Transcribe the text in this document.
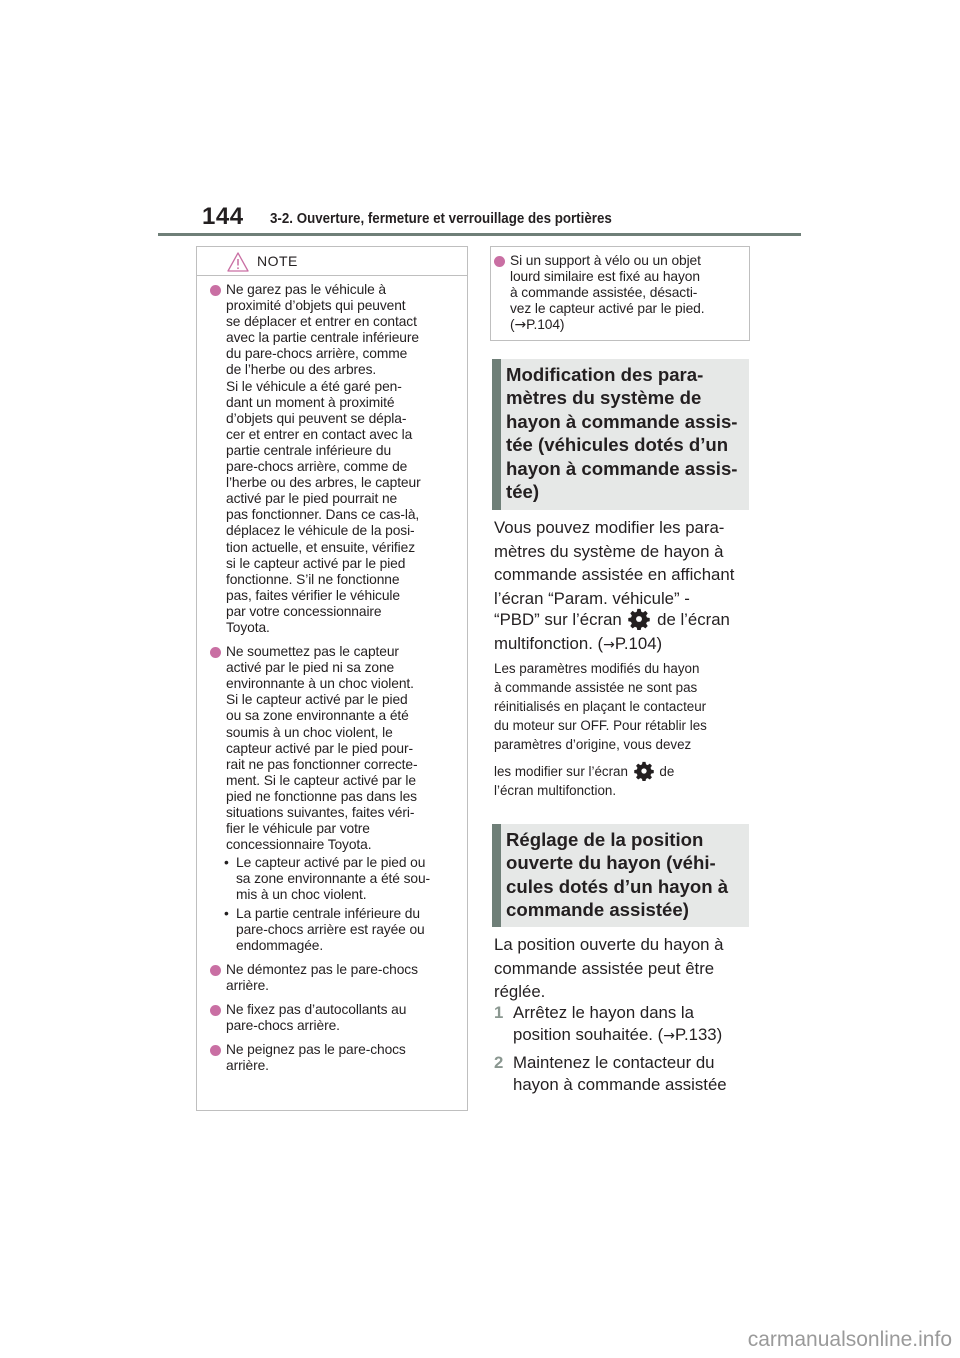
144 3-2. Ouverture, fermeture et verrouillage des portières
NOTE
Ne garez pas le véhicule à
proximité d’objets qui peuvent
se déplacer et entrer en contact
avec la partie centrale inférieure
du pare-chocs arrière, comme
de l’herbe ou des arbres.
Si le véhicule a été garé pen-
dant un moment à proximité
d’objets qui peuvent se dépla-
cer et entrer en contact avec la
partie centrale inférieure du
pare-chocs arrière, comme de
l’herbe ou des arbres, le capteur
activé par le pied pourrait ne
pas fonctionner. Dans ce cas-là,
déplacez le véhicule de la posi-
tion actuelle, et ensuite, vérifiez
si le capteur activé par le pied
fonctionne. S’il ne fonctionne
pas, faites vérifier le véhicule
par votre concessionnaire
Toyota.

Ne soumettez pas le capteur
activé par le pied ni sa zone
environnante à un choc violent.
Si le capteur activé par le pied
ou sa zone environnante a été
soumis à un choc violent, le
capteur activé par le pied pour-
rait ne pas fonctionner correcte-
ment. Si le capteur activé par le
pied ne fonctionne pas dans les
situations suivantes, faites véri-
fier le véhicule par votre
concessionnaire Toyota.

• Le capteur activé par le pied ou
sa zone environnante a été sou-
mis à un choc violent.
• La partie centrale inférieure du
pare-chocs arrière est rayée ou
endommagée.
Ne démontez pas le pare-chocs
arrière.

Ne fixez pas d’autocollants au
pare-chocs arrière.

Ne peignez pas le pare-chocs
arrière.

Si un support à vélo ou un objet
lourd similaire est fixé au hayon
à commande assistée, désacti-
vez le capteur activé par le pied.
(→P.104)
Modification des para-
mètres du système de
hayon à commande assis-
tée (véhicules dotés d’un
hayon à commande assis-
tée)
Vous pouvez modifier les para-
mètres du système de hayon à
commande assistée en affichant
l’écran “Param. véhicule” -
“PBD” sur l’écran de l’écran
multifonction. (→P.104)
Les paramètres modifiés du hayon
à commande assistée ne sont pas
réinitialisés en plaçant le contacteur
du moteur sur OFF. Pour rétablir les
paramètres d’origine, vous devez
les modifier sur l’écran de
l’écran multifonction.
Réglage de la position
ouverte du hayon (véhi-
cules dotés d’un hayon à
commande assistée)
La position ouverte du hayon à
commande assistée peut être
réglée.
1 Arrêtez le hayon dans la
position souhaitée. (→P.133)
2 Maintenez le contacteur du
hayon à commande assistée
carmanualsonline.info
